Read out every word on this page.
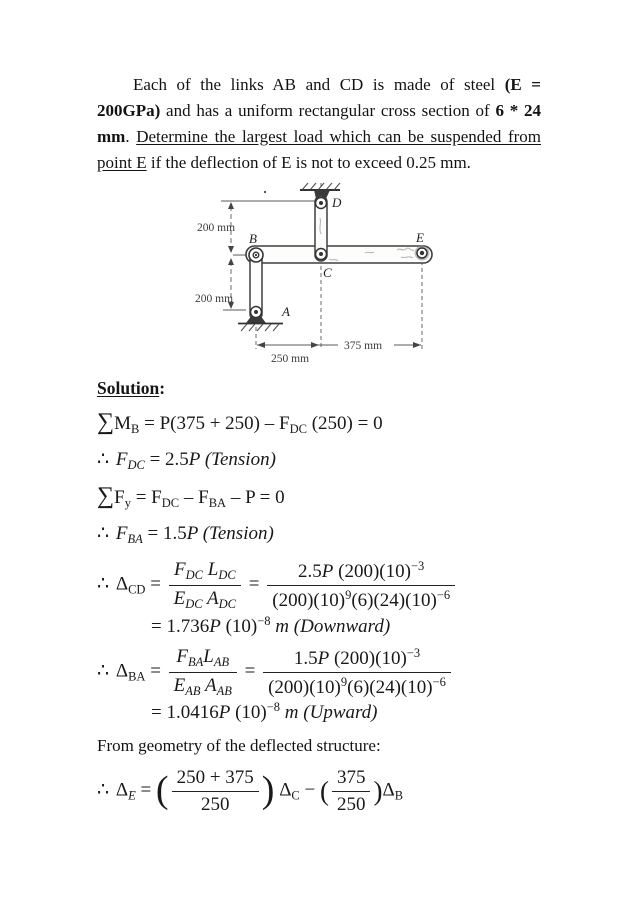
Each of the links AB and CD is made of steel (E = 200GPa) and has a uniform rectangular cross section of 6 * 24 mm. Determine the largest load which can be suspended from point E if the deflection of E is not to exceed 0.25 mm.

D
B	E
C
A
200 mm
200 mm
250 mm
375 mm

Solution:

$\sum M_B = P(375 + 250) - F_{DC}$ (250) = 0
∴ $F_{DC} = 2.5P$ (Tension)
$\sum F_y = F_{DC} - F_{BA} - P = 0$
∴ $F_{BA} = 1.5P$ (Tension)
∴ $\Delta_{CD} = \frac{F_{DC} L_{DC}}{E_{DC} A_{DC}} = \frac{2.5P (200)(10)^{-3}}{(200)(10)^9(6)(24)(10)^{-6}}$
= 1.736P $(10)^{-8}$ m (Downward)
∴ $\Delta_{BA} = \frac{F_{BA}L_{AB}}{E_{AB} A_{AB}} = \frac{1.5P (200)(10)^{-3}}{(200)(10)^9(6)(24)(10)^{-6}}$
= 1.0416P $(10)^{-8}$ m (Upward)

From geometry of the deflected structure:

∴ $\Delta_E$ = ( $\frac{250 + 375}{250}$ ) $\Delta_C$ − ( $\frac{375}{250} )\Delta_B$
